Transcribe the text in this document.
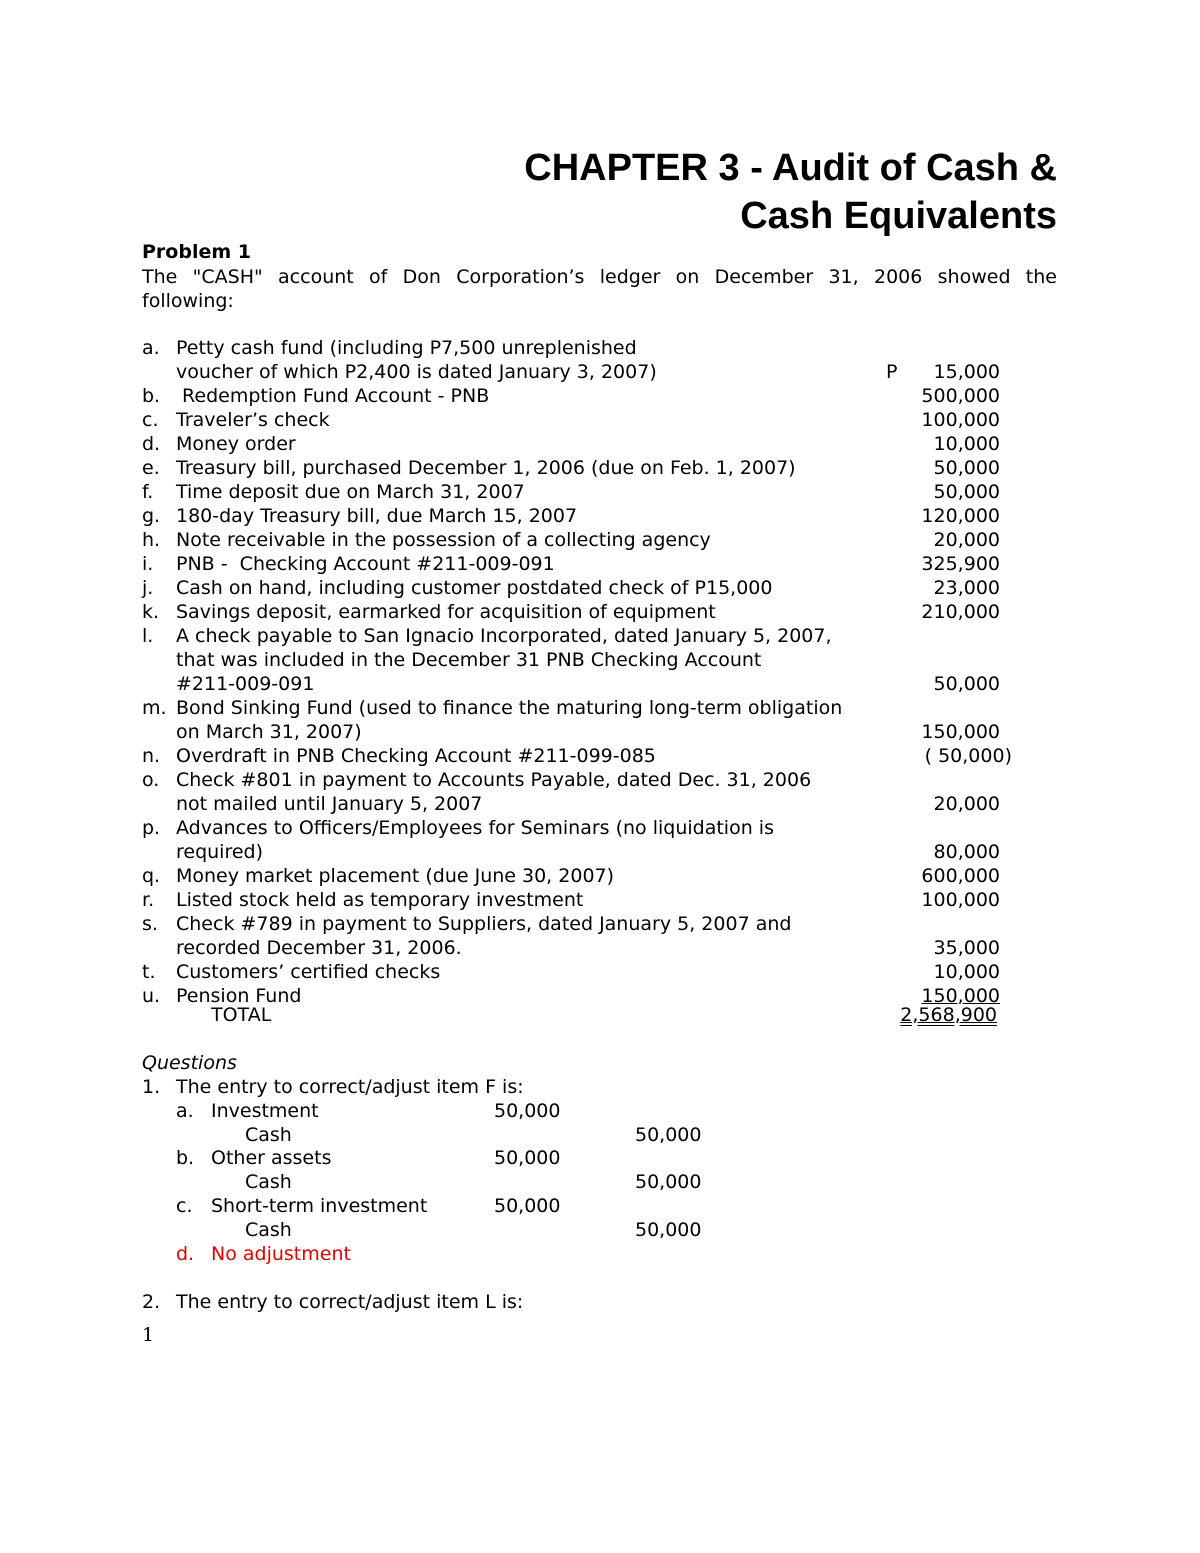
CHAPTER 3 - Audit of Cash &
Cash Equivalents
Problem 1
The "CASH" account of Don Corporation’s ledger on December 31, 2006 showed the
following:
a. Petty cash fund (including P7,500 unreplenished
voucher of which P2,400 is dated January 3, 2007)	15,000
P
b. Redemption Fund Account - PNB	500,000
c. Traveler’s check	100,000
d. Money order	10,000
e. Treasury bill, purchased December 1, 2006 (due on Feb. 1, 2007)	50,000
f.	Time deposit due on March 31, 2007	50,000
g. 180-day Treasury bill, due March 15, 2007	120,000
h. Note receivable in the possession of a collecting agency	20,000
i.	PNB -  Checking Account #211-009-091	325,900
j.	Cash on hand, including customer postdated check of P15,000	23,000
k. Savings deposit, earmarked for acquisition of equipment	210,000
l.	A check payable to San Ignacio Incorporated, dated January 5, 2007,
that was included in the December 31 PNB Checking Account
#211-009-091	50,000
m. Bond Sinking Fund (used to finance the maturing long-term obligation
on March 31, 2007)	150,000
n. Overdraft in PNB Checking Account #211-099-085	( 50,000)
o. Check #801 in payment to Accounts Payable, dated Dec. 31, 2006
not mailed until January 5, 2007	20,000
p. Advances to Officers/Employees for Seminars (no liquidation is
required)	80,000
q. Money market placement (due June 30, 2007)	600,000
r.	Listed stock held as temporary investment	100,000
s. Check #789 in payment to Suppliers, dated January 5, 2007 and
recorded December 31, 2006.	35,000
t.	Customers’ certified checks	10,000
u. Pension Fund	150,000
TOTAL	2,568,900
Questions
1. The entry to correct/adjust item F is:
a. Investment	50,000
Cash	50,000
b. Other assets	50,000
Cash	50,000
c. Short-term investment	50,000
Cash	50,000
d. No adjustment
2. The entry to correct/adjust item L is:
1
